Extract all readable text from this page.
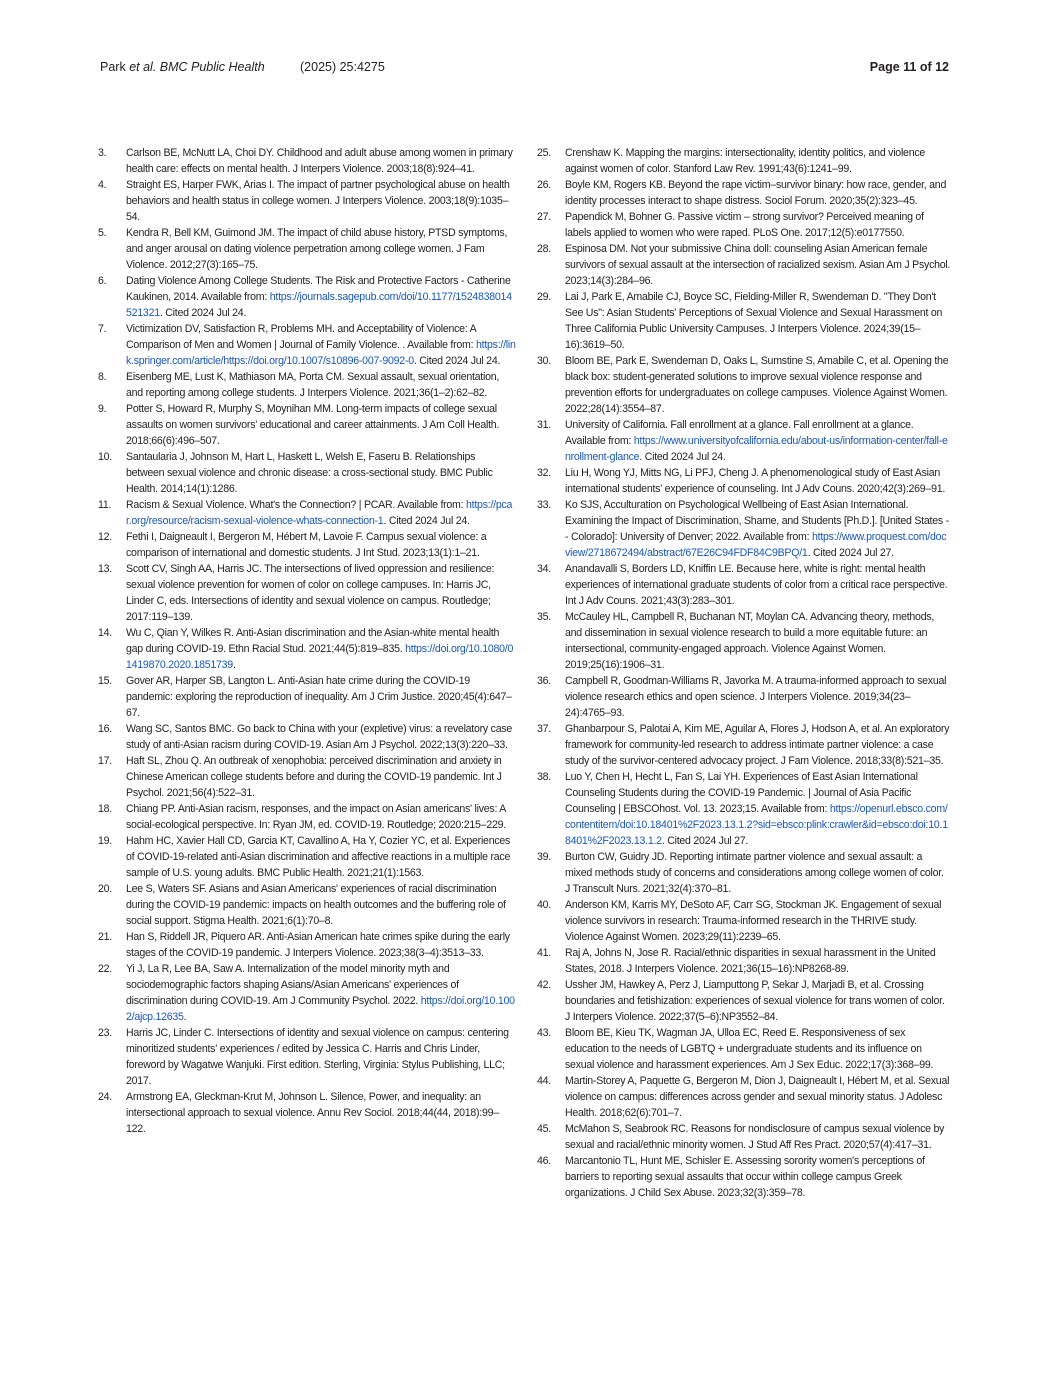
Park et al. BMC Public Health	(2025) 25:4275	Page 11 of 12
3.	Carlson BE, McNutt LA, Choi DY. Childhood and adult abuse among women in primary health care: effects on mental health. J Interpers Violence. 2003;18(8):924–41.
4.	Straight ES, Harper FWK, Arias I. The impact of partner psychological abuse on health behaviors and health status in college women. J Interpers Violence. 2003;18(9):1035–54.
5.	Kendra R, Bell KM, Guimond JM. The impact of child abuse history, PTSD symptoms, and anger arousal on dating violence perpetration among college women. J Fam Violence. 2012;27(3):165–75.
6.	Dating Violence Among College Students. The Risk and Protective Factors - Catherine Kaukinen, 2014. Available from: https://journals.sagepub.com/doi/10.1177/1524838014521321. Cited 2024 Jul 24.
7.	Victimization DV, Satisfaction R, Problems MH. and Acceptability of Violence: A Comparison of Men and Women | Journal of Family Violence. . Available from: https://link.springer.com/article/https://doi.org/10.1007/s10896-007-9092-0. Cited 2024 Jul 24.
8.	Eisenberg ME, Lust K, Mathiason MA, Porta CM. Sexual assault, sexual orientation, and reporting among college students. J Interpers Violence. 2021;36(1–2):62–82.
9.	Potter S, Howard R, Murphy S, Moynihan MM. Long-term impacts of college sexual assaults on women survivors' educational and career attainments. J Am Coll Health. 2018;66(6):496–507.
10.	Santaularia J, Johnson M, Hart L, Haskett L, Welsh E, Faseru B. Relationships between sexual violence and chronic disease: a cross-sectional study. BMC Public Health. 2014;14(1):1286.
11.	Racism & Sexual Violence. What's the Connection? | PCAR. Available from: https://pcar.org/resource/racism-sexual-violence-whats-connection-1. Cited 2024 Jul 24.
12.	Fethi I, Daigneault I, Bergeron M, Hébert M, Lavoie F. Campus sexual violence: a comparison of international and domestic students. J Int Stud. 2023;13(1):1–21.
13.	Scott CV, Singh AA, Harris JC. The intersections of lived oppression and resilience: sexual violence prevention for women of color on college campuses. In: Harris JC, Linder C, eds. Intersections of identity and sexual violence on campus. Routledge; 2017:119–139.
14.	Wu C, Qian Y, Wilkes R. Anti-Asian discrimination and the Asian-white mental health gap during COVID-19. Ethn Racial Stud. 2021;44(5):819–835. https://doi.org/10.1080/01419870.2020.1851739.
15.	Gover AR, Harper SB, Langton L. Anti-Asian hate crime during the COVID-19 pandemic: exploring the reproduction of inequality. Am J Crim Justice. 2020;45(4):647–67.
16.	Wang SC, Santos BMC. Go back to China with your (expletive) virus: a revelatory case study of anti-Asian racism during COVID-19. Asian Am J Psychol. 2022;13(3):220–33.
17.	Haft SL, Zhou Q. An outbreak of xenophobia: perceived discrimination and anxiety in Chinese American college students before and during the COVID-19 pandemic. Int J Psychol. 2021;56(4):522–31.
18.	Chiang PP. Anti-Asian racism, responses, and the impact on Asian americans' lives: A social-ecological perspective. In: Ryan JM, ed. COVID-19. Routledge; 2020:215–229.
19.	Hahm HC, Xavier Hall CD, Garcia KT, Cavallino A, Ha Y, Cozier YC, et al. Experiences of COVID-19-related anti-Asian discrimination and affective reactions in a multiple race sample of U.S. young adults. BMC Public Health. 2021;21(1):1563.
20.	Lee S, Waters SF. Asians and Asian Americans' experiences of racial discrimination during the COVID-19 pandemic: impacts on health outcomes and the buffering role of social support. Stigma Health. 2021;6(1):70–8.
21.	Han S, Riddell JR, Piquero AR. Anti-Asian American hate crimes spike during the early stages of the COVID-19 pandemic. J Interpers Violence. 2023;38(3–4):3513–33.
22.	Yi J, La R, Lee BA, Saw A. Internalization of the model minority myth and sociodemographic factors shaping Asians/Asian Americans' experiences of discrimination during COVID-19. Am J Community Psychol. 2022. https://doi.org/10.1002/ajcp.12635.
23.	Harris JC, Linder C. Intersections of identity and sexual violence on campus: centering minoritized students' experiences / edited by Jessica C. Harris and Chris Linder, foreword by Wagatwe Wanjuki. First edition. Sterling, Virginia: Stylus Publishing, LLC; 2017.
24.	Armstrong EA, Gleckman-Krut M, Johnson L. Silence, Power, and inequality: an intersectional approach to sexual violence. Annu Rev Sociol. 2018;44(44, 2018):99–122.
25.	Crenshaw K. Mapping the margins: intersectionality, identity politics, and violence against women of color. Stanford Law Rev. 1991;43(6):1241–99.
26.	Boyle KM, Rogers KB. Beyond the rape victim–survivor binary: how race, gender, and identity processes interact to shape distress. Sociol Forum. 2020;35(2):323–45.
27.	Papendick M, Bohner G. Passive victim – strong survivor? Perceived meaning of labels applied to women who were raped. PLoS One. 2017;12(5):e0177550.
28.	Espinosa DM. Not your submissive China doll: counseling Asian American female survivors of sexual assault at the intersection of racialized sexism. Asian Am J Psychol. 2023;14(3):284–96.
29.	Lai J, Park E, Amabile CJ, Boyce SC, Fielding-Miller R, Swendeman D. "They Don't See Us": Asian Students' Perceptions of Sexual Violence and Sexual Harassment on Three California Public University Campuses. J Interpers Violence. 2024;39(15–16):3619–50.
30.	Bloom BE, Park E, Swendeman D, Oaks L, Sumstine S, Amabile C, et al. Opening the black box: student-generated solutions to improve sexual violence response and prevention efforts for undergraduates on college campuses. Violence Against Women. 2022;28(14):3554–87.
31.	University of California. Fall enrollment at a glance. Fall enrollment at a glance. Available from: https://www.universityofcalifornia.edu/about-us/information-center/fall-enrollment-glance. Cited 2024 Jul 24.
32.	Liu H, Wong YJ, Mitts NG, Li PFJ, Cheng J. A phenomenological study of East Asian international students' experience of counseling. Int J Adv Couns. 2020;42(3):269–91.
33.	Ko SJS, Acculturation on Psychological Wellbeing of East Asian International. Examining the Impact of Discrimination, Shame, and Students [Ph.D.]. [United States -- Colorado]: University of Denver; 2022. Available from: https://www.proquest.com/docview/2718672494/abstract/67E26C94FDF84C9BPQ/1. Cited 2024 Jul 27.
34.	Anandavalli S, Borders LD, Kniffin LE. Because here, white is right: mental health experiences of international graduate students of color from a critical race perspective. Int J Adv Couns. 2021;43(3):283–301.
35.	McCauley HL, Campbell R, Buchanan NT, Moylan CA. Advancing theory, methods, and dissemination in sexual violence research to build a more equitable future: an intersectional, community-engaged approach. Violence Against Women. 2019;25(16):1906–31.
36.	Campbell R, Goodman-Williams R, Javorka M. A trauma-informed approach to sexual violence research ethics and open science. J Interpers Violence. 2019;34(23–24):4765–93.
37.	Ghanbarpour S, Palotai A, Kim ME, Aguilar A, Flores J, Hodson A, et al. An exploratory framework for community-led research to address intimate partner violence: a case study of the survivor-centered advocacy project. J Fam Violence. 2018;33(8):521–35.
38.	Luo Y, Chen H, Hecht L, Fan S, Lai YH. Experiences of East Asian International Counseling Students during the COVID-19 Pandemic. | Journal of Asia Pacific Counseling | EBSCOhost. Vol. 13. 2023;15. Available from: https://openurl.ebsco.com/contentitem/doi:10.18401%2F2023.13.1.2?sid=ebsco:plink:crawler&id=ebsco:doi:10.18401%2F2023.13.1.2. Cited 2024 Jul 27.
39.	Burton CW, Guidry JD. Reporting intimate partner violence and sexual assault: a mixed methods study of concerns and considerations among college women of color. J Transcult Nurs. 2021;32(4):370–81.
40.	Anderson KM, Karris MY, DeSoto AF, Carr SG, Stockman JK. Engagement of sexual violence survivors in research: Trauma-informed research in the THRIVE study. Violence Against Women. 2023;29(11):2239–65.
41.	Raj A, Johns N, Jose R. Racial/ethnic disparities in sexual harassment in the United States, 2018. J Interpers Violence. 2021;36(15–16):NP8268-89.
42.	Ussher JM, Hawkey A, Perz J, Liamputtong P, Sekar J, Marjadi B, et al. Crossing boundaries and fetishization: experiences of sexual violence for trans women of color. J Interpers Violence. 2022;37(5–6):NP3552–84.
43.	Bloom BE, Kieu TK, Wagman JA, Ulloa EC, Reed E. Responsiveness of sex education to the needs of LGBTQ + undergraduate students and its influence on sexual violence and harassment experiences. Am J Sex Educ. 2022;17(3):368–99.
44.	Martin-Storey A, Paquette G, Bergeron M, Dion J, Daigneault I, Hébert M, et al. Sexual violence on campus: differences across gender and sexual minority status. J Adolesc Health. 2018;62(6):701–7.
45.	McMahon S, Seabrook RC. Reasons for nondisclosure of campus sexual violence by sexual and racial/ethnic minority women. J Stud Aff Res Pract. 2020;57(4):417–31.
46.	Marcantonio TL, Hunt ME, Schisler E. Assessing sorority women's perceptions of barriers to reporting sexual assaults that occur within college campus Greek organizations. J Child Sex Abuse. 2023;32(3):359–78.
